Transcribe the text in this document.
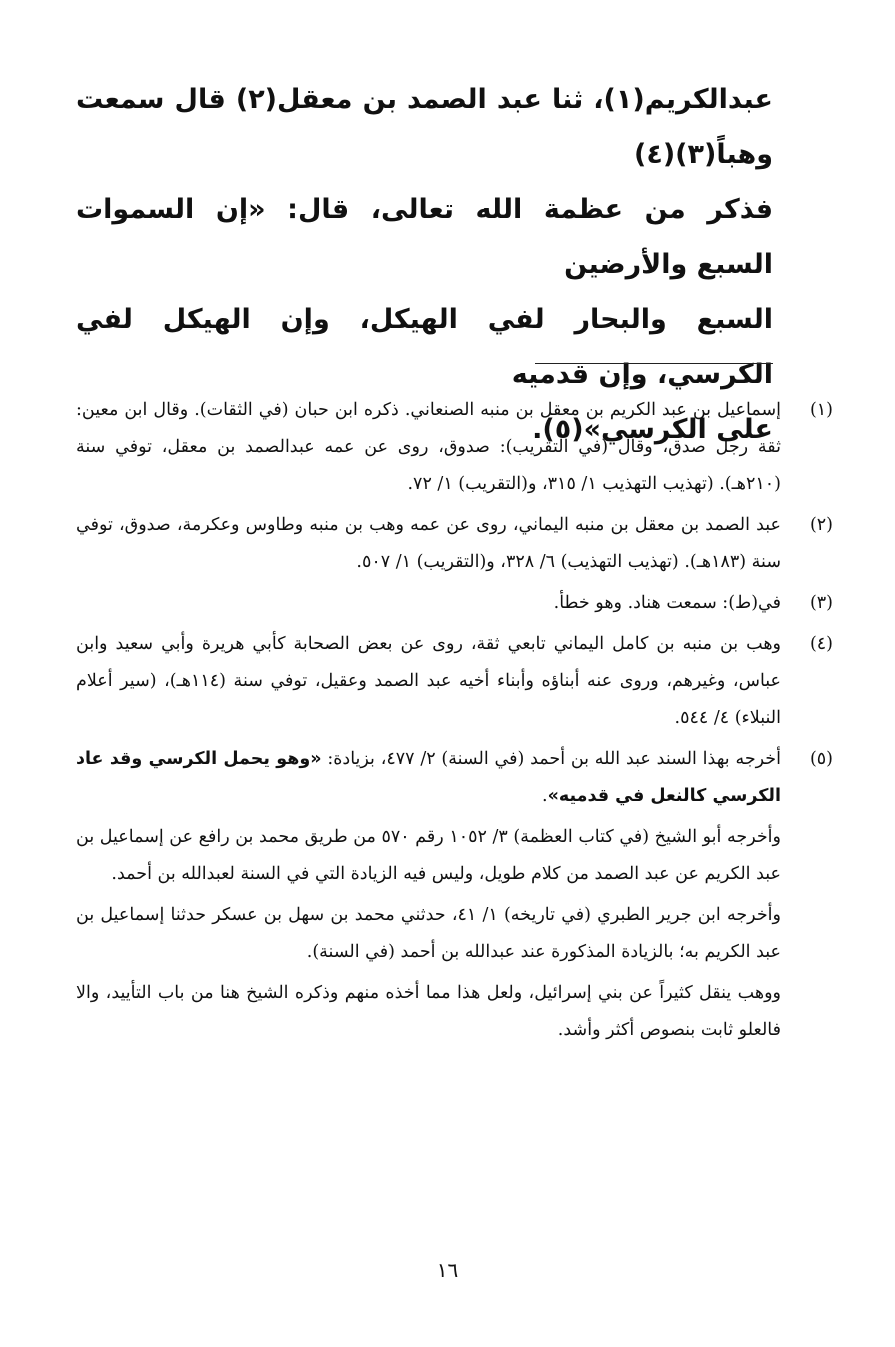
عبدالكريم(١)، ثنا عبد الصمد بن معقل(٢) قال سمعت وهباً(٣)(٤)

فذكر من عظمة الله تعالى، قال: «إن السموات السبع والأرضين

السبع والبحار لفي الهيكل، وإن الهيكل لفي الكرسي، وإن قدميه

على الكرسي»(٥).

(١)

إسماعيل بن عبد الكريم بن معقل بن منبه الصنعاني. ذكره ابن حبان (في الثقات). وقال ابن معين: ثقة رجل صدق، وقال (في التقريب): صدوق، روى عن عمه عبدالصمد بن معقل، توفي سنة (٢١٠هـ). (تهذيب التهذيب ١/ ٣١٥، و(التقريب) ١/ ٧٢.

(٢)

عبد الصمد بن معقل بن منبه اليماني، روى عن عمه وهب بن منبه وطاوس وعكرمة، صدوق، توفي سنة (١٨٣هـ). (تهذيب التهذيب) ٦/ ٣٢٨، و(التقريب) ١/ ٥٠٧.

(٣)

في(ط): سمعت هناد. وهو خطأ.

(٤)

وهب بن منبه بن كامل اليماني تابعي ثقة، روى عن بعض الصحابة كأبي هريرة وأبي سعيد وابن عباس، وغيرهم، وروى عنه أبناؤه وأبناء أخيه عبد الصمد وعقيل، توفي سنة (١١٤هـ)، (سير أعلام النبلاء) ٤/ ٥٤٤.

(٥)

أخرجه بهذا السند عبد الله بن أحمد (في السنة) ٢/ ٤٧٧، بزيادة: «وهو يحمل الكرسي وقد عاد الكرسي كالنعل في قدميه».

وأخرجه أبو الشيخ (في كتاب العظمة) ٣/ ١٠٥٢ رقم ٥٧٠ من طريق محمد بن رافع عن إسماعيل بن عبد الكريم عن عبد الصمد من كلام طويل، وليس فيه الزيادة التي في السنة لعبدالله بن أحمد.

وأخرجه ابن جرير الطبري (في تاريخه) ١/ ٤١، حدثني محمد بن سهل بن عسكر حدثنا إسماعيل بن عبد الكريم به؛ بالزيادة المذكورة عند عبدالله بن أحمد (في السنة).

ووهب ينقل كثيراً عن بني إسرائيل، ولعل هذا مما أخذه منهم وذكره الشيخ هنا من باب التأييد، والا فالعلو ثابت بنصوص أكثر وأشد.

١٦
